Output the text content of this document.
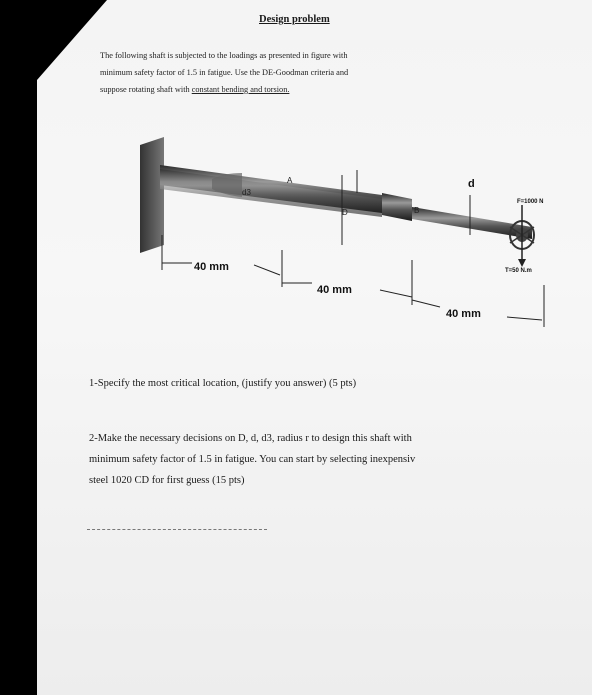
Design problem
The following shaft is subjected to the loadings as presented in figure with
minimum safety factor of 1.5 in fatigue. Use the DE-Goodman criteria and
suppose rotating shaft with constant bending and torsion.
d3
A
D	B
d
F=1000 N
T=50 N.m
40 mm
40 mm
40 mm
1-Specify the most critical location, (justify you answer) (5 pts)
2-Make the necessary decisions on D, d, d3, radius r to design this shaft with
minimum safety factor of 1.5 in fatigue. You can start by selecting inexpensiv
steel 1020 CD for first guess (15 pts)
